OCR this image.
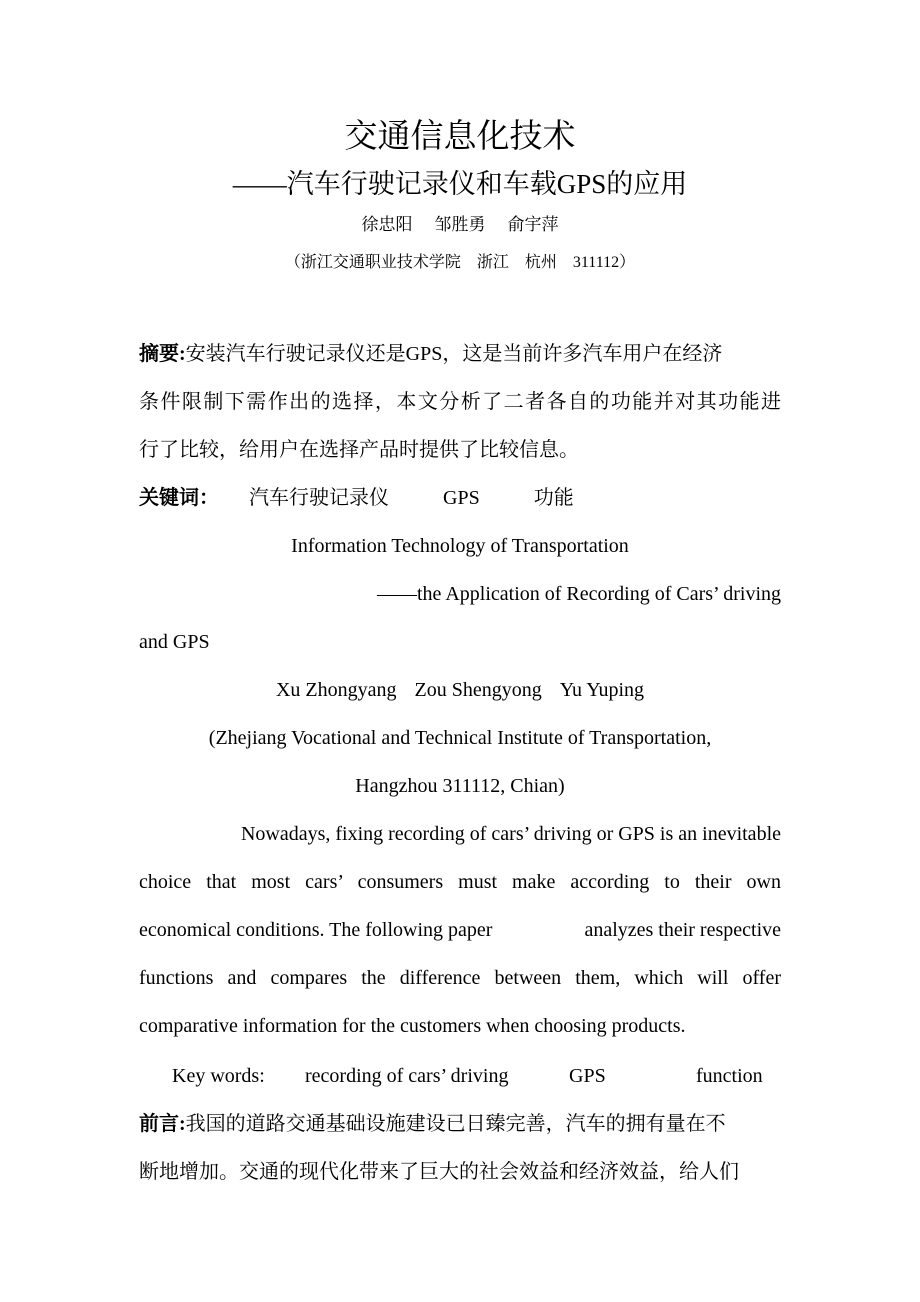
交通信息化技术
——汽车行驶记录仪和车载GPS的应用
徐忠阳 邹胜勇 俞宇萍
（浙江交通职业技术学院　浙江　杭州　311112）
摘要:安装汽车行驶记录仪还是GPS，这是当前许多汽车用户在经济
条件限制下需作出的选择，本文分析了二者各自的功能并对其功能进
行了比较，给用户在选择产品时提供了比较信息。
关键词： 汽车行驶记录仪	GPS	功能
Information Technology of Transportation
——the Application of Recording of Cars’ driving
and GPS
Xu Zhongyang Zou Shengyong Yu Yuping
(Zhejiang Vocational and Technical Institute of Transportation,
Hangzhou 311112, Chian)
Nowadays, fixing recording of cars’ driving or GPS is an inevitable
choice that most cars’ consumers must make according to their own
economical conditions. The following paper	analyzes their respective
functions and compares the difference between them, which will offer
comparative information for the customers when choosing products.
Key words: recording of cars’ driving	GPS	function
前言:我国的道路交通基础设施建设已日臻完善，汽车的拥有量在不
断地增加。交通的现代化带来了巨大的社会效益和经济效益，给人们
